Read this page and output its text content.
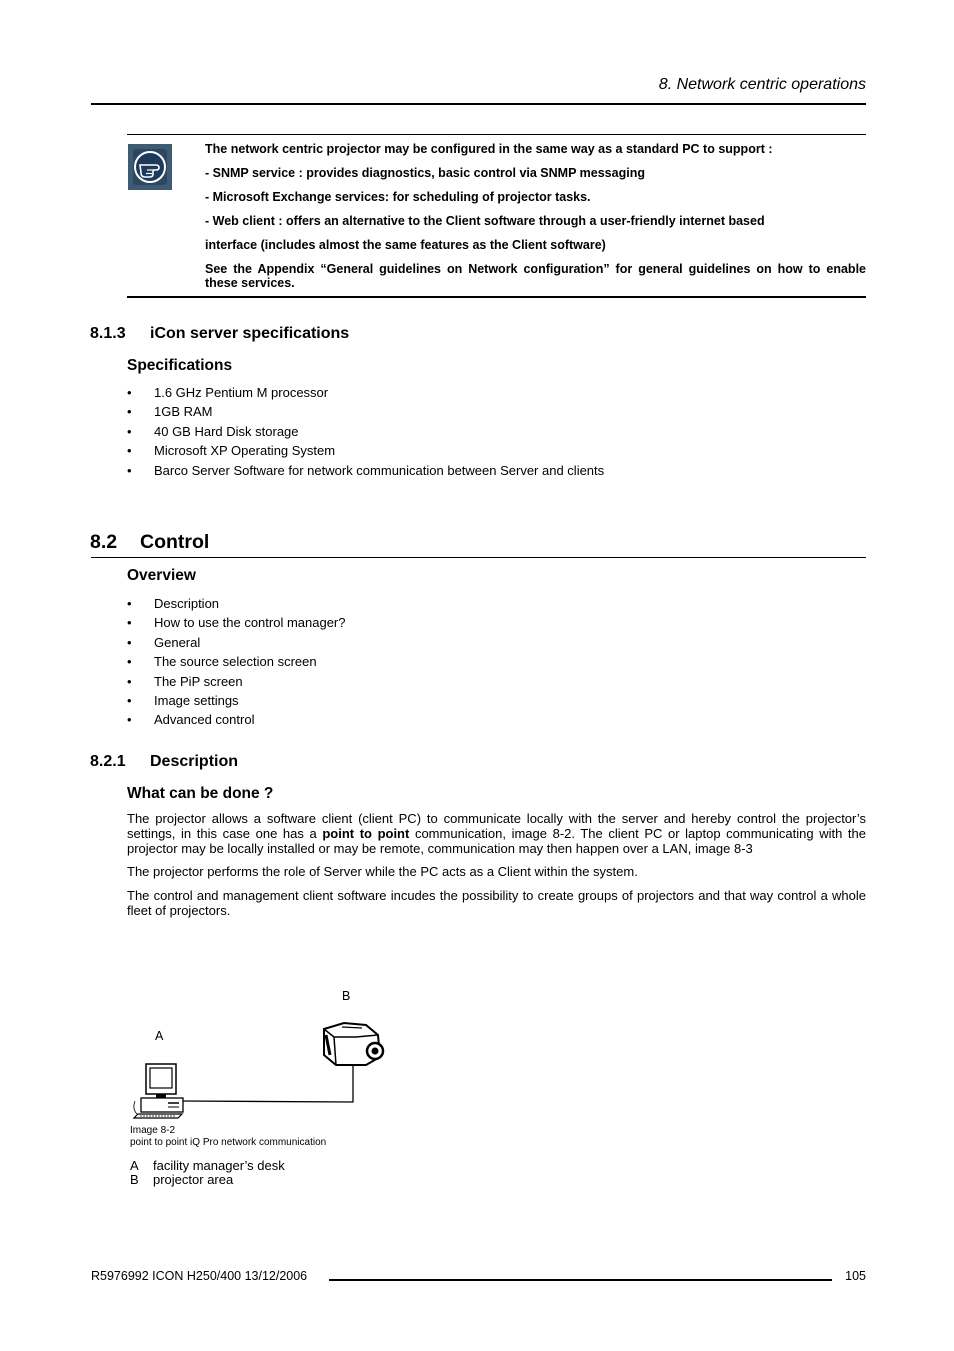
8. Network centric operations
The network centric projector may be configured in the same way as a standard PC to support :
- SNMP service : provides diagnostics, basic control via SNMP messaging
- Microsoft Exchange services: for scheduling of projector tasks.
- Web client : offers an alternative to the Client software through a user-friendly internet based
interface (includes almost the same features as the Client software)
See the Appendix “General guidelines on Network configuration” for general guidelines on how to enable these services.
8.1.3 iCon server specifications
Specifications
•	1.6 GHz Pentium M processor
•	1GB RAM
•	40 GB Hard Disk storage
•	Microsoft XP Operating System
•	Barco Server Software for network communication between Server and clients
8.2 Control
Overview
•	Description
•	How to use the control manager?
•	General
•	The source selection screen
•	The PiP screen
•	Image settings
•	Advanced control
8.2.1 Description
What can be done ?
The projector allows a software client (client PC) to communicate locally with the server and hereby control the projector’s settings, in this case one has a point to point communication, image 8-2. The client PC or laptop communicating with the projector may be locally installed or may be remote, communication may then happen over a LAN, image 8-3
The projector performs the role of Server while the PC acts as a Client within the system.
The control and management client software incudes the possibility to create groups of projectors and that way control a whole fleet of projectors.
B
A
Image 8-2
point to point iQ Pro network communication
A	facility manager’s desk
B	projector area
R5976992 ICON H250/400 13/12/2006	105
